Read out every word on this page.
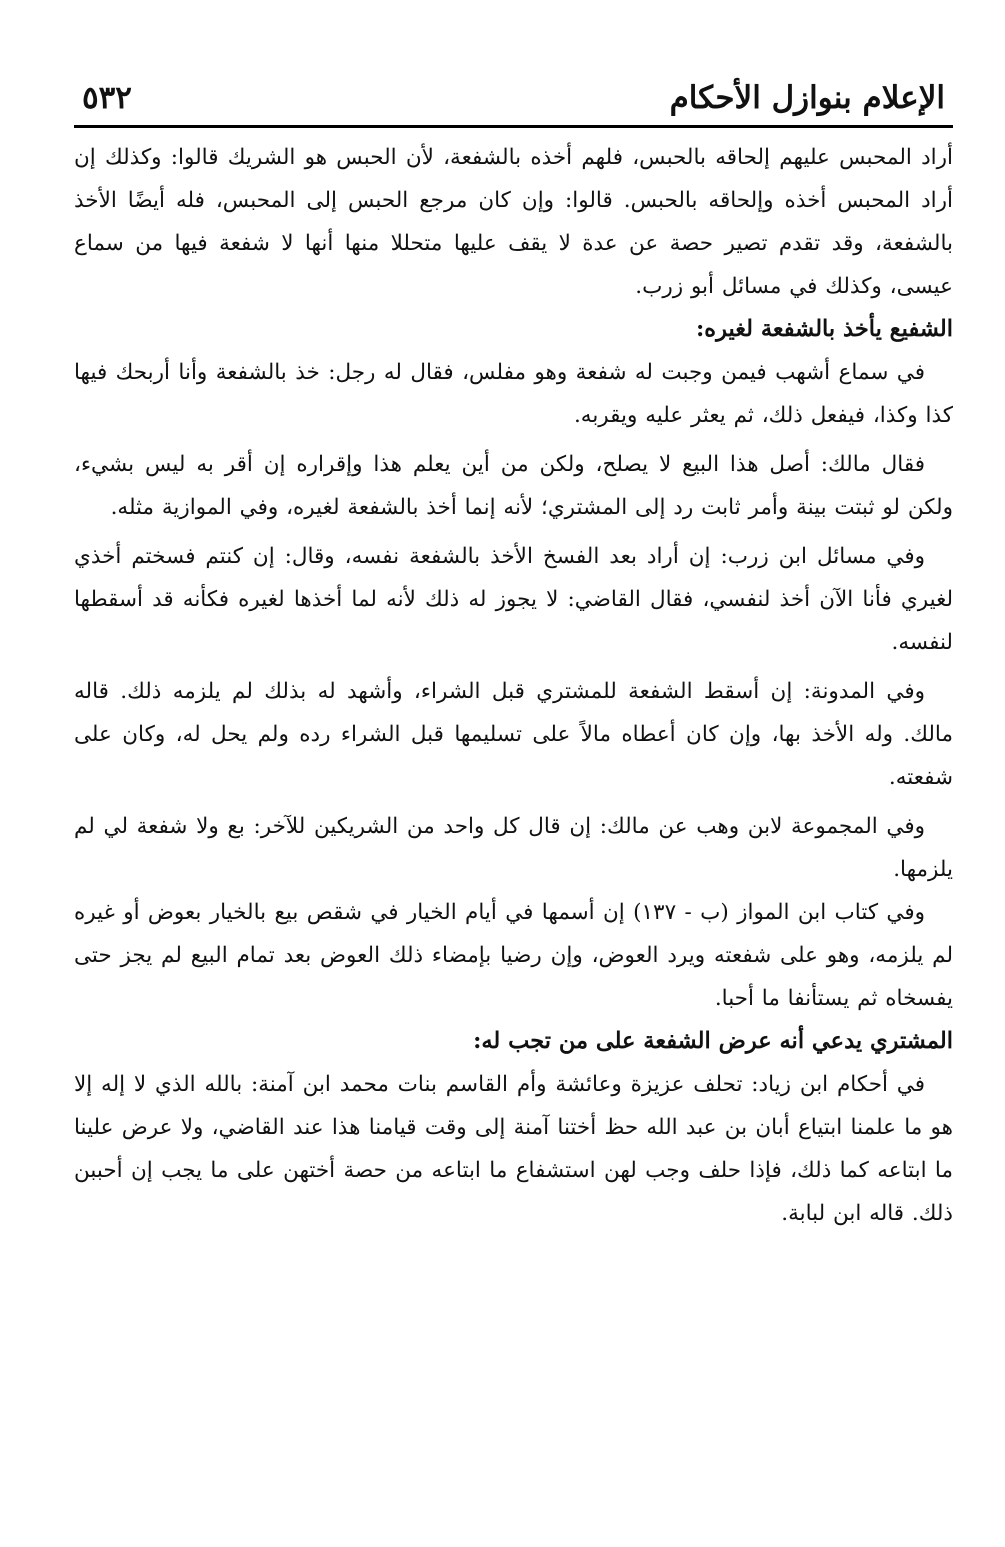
الإعلام بنوازل الأحكام
٥٣٢

أراد المحبس عليهم إلحاقه بالحبس، فلهم أخذه بالشفعة، لأن الحبس هو الشريك قالوا: وكذلك إن أراد المحبس أخذه وإلحاقه بالحبس. قالوا: وإن كان مرجع الحبس إلى المحبس، فله أيضًا الأخذ بالشفعة، وقد تقدم تصير حصة عن عدة لا يقف عليها متحللا منها أنها لا شفعة فيها من سماع عيسى، وكذلك في مسائل أبو زرب.

الشفيع يأخذ بالشفعة لغيره:

في سماع أشهب فيمن وجبت له شفعة وهو مفلس، فقال له رجل: خذ بالشفعة وأنا أربحك فيها كذا وكذا، فيفعل ذلك، ثم يعثر عليه ويقربه.

فقال مالك: أصل هذا البيع لا يصلح، ولكن من أين يعلم هذا وإقراره إن أقر به ليس بشيء، ولكن لو ثبتت بينة وأمر ثابت رد إلى المشتري؛ لأنه إنما أخذ بالشفعة لغيره، وفي الموازية مثله.

وفي مسائل ابن زرب: إن أراد بعد الفسخ الأخذ بالشفعة نفسه، وقال: إن كنتم فسختم أخذي لغيري فأنا الآن أخذ لنفسي، فقال القاضي: لا يجوز له ذلك لأنه لما أخذها لغيره فكأنه قد أسقطها لنفسه.

وفي المدونة: إن أسقط الشفعة للمشتري قبل الشراء، وأشهد له بذلك لم يلزمه ذلك. قاله مالك. وله الأخذ بها، وإن كان أعطاه مالاً على تسليمها قبل الشراء رده ولم يحل له، وكان على شفعته.

وفي المجموعة لابن وهب عن مالك: إن قال كل واحد من الشريكين للآخر: بع ولا شفعة لي لم يلزمها.

وفي كتاب ابن المواز (ب - ١٣٧) إن أسمها في أيام الخيار في شقص بيع بالخيار بعوض أو غيره لم يلزمه، وهو على شفعته ويرد العوض، وإن رضيا بإمضاء ذلك العوض بعد تمام البيع لم يجز حتى يفسخاه ثم يستأنفا ما أحبا.

المشتري يدعي أنه عرض الشفعة على من تجب له:

في أحكام ابن زياد: تحلف عزيزة وعائشة وأم القاسم بنات محمد ابن آمنة: بالله الذي لا إله إلا هو ما علمنا ابتياع أبان بن عبد الله حظ أختنا آمنة إلى وقت قيامنا هذا عند القاضي، ولا عرض علينا ما ابتاعه كما ذلك، فإذا حلف وجب لهن استشفاع ما ابتاعه من حصة أختهن على ما يجب إن أحببن ذلك. قاله ابن لبابة.
